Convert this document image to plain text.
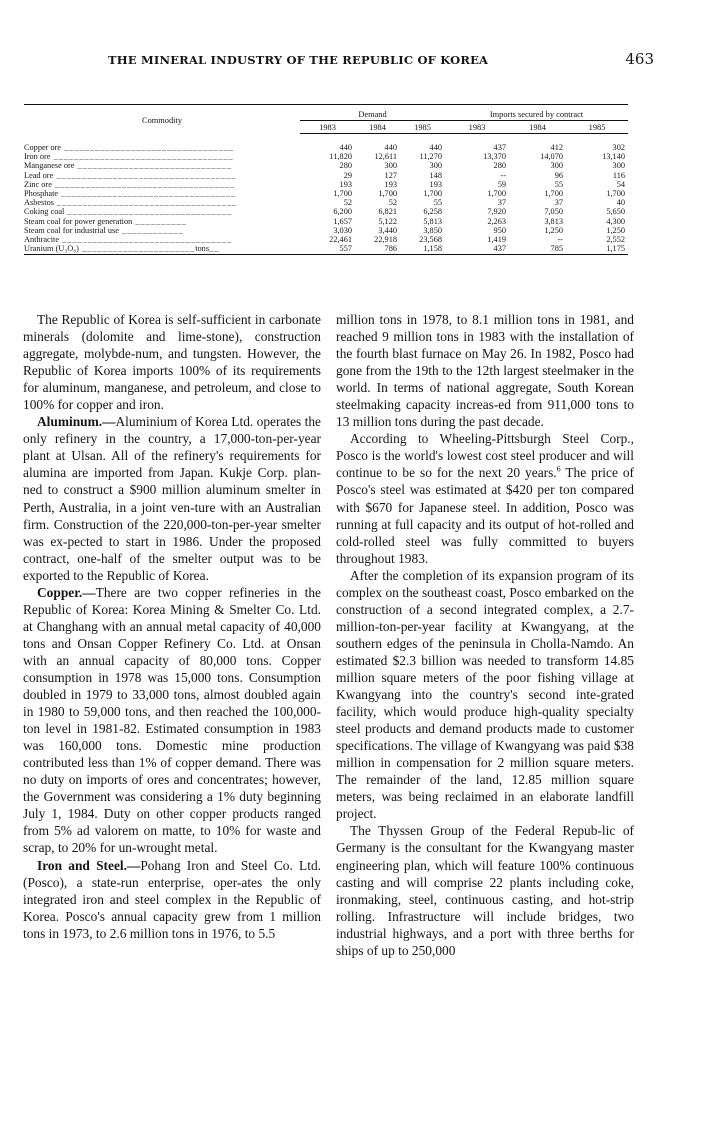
THE MINERAL INDUSTRY OF THE REPUBLIC OF KOREA	463
Commodity	Demand			Imports secured by contract		
	1983	1984	1985	1983	1984	1985
Copper ore _________________________________	440	440	440	437	412	302
Iron ore ___________________________________	11,820	12,611	11,270	13,370	14,070	13,140
Manganese ore ______________________________	280	300	300	280	300	300
Lead ore ___________________________________	29	127	148	--	96	116
Zinc ore ___________________________________	193	193	193	59	55	54
Phosphate __________________________________	1,700	1,700	1,700	1,700	1,700	1,700
Asbestos ___________________________________	52	52	55	37	37	40
Coking coal ________________________________	6,200	6,821	6,258	7,920	7,050	5,650
Steam coal for power generation __________	1,657	5,122	5,813	2,263	3,813	4,300
Steam coal for industrial use ____________	3,030	3,440	3,850	950	1,250	1,250
Anthracite _________________________________	22,461	22,918	23,568	1,419	--	2,552
Uranium (U₃O₈) ______________________tons__	557	786	1,158	437	785	1,175

The Republic of Korea is self-sufficient in carbonate minerals (dolomite and lime-stone), construction aggregate, molybde-num, and tungsten. However, the Republic of Korea imports 100% of its requirements for aluminum, manganese, and petroleum, and close to 100% for copper and iron.

Aluminum.—Aluminium of Korea Ltd. operates the only refinery in the country, a 17,000-ton-per-year plant at Ulsan. All of the refinery's requirements for alumina are imported from Japan. Kukje Corp. plan-ned to construct a $900 million aluminum smelter in Perth, Australia, in a joint ven-ture with an Australian firm. Construction of the 220,000-ton-per-year smelter was ex-pected to start in 1986. Under the proposed contract, one-half of the smelter output was to be exported to the Republic of Korea.

Copper.—There are two copper refineries in the Republic of Korea: Korea Mining & Smelter Co. Ltd. at Changhang with an annual metal capacity of 40,000 tons and Onsan Copper Refinery Co. Ltd. at Onsan with an annual capacity of 80,000 tons. Copper consumption in 1978 was 15,000 tons. Consumption doubled in 1979 to 33,000 tons, almost doubled again in 1980 to 59,000 tons, and then reached the 100,000-ton level in 1981-82. Estimated consumption in 1983 was 160,000 tons. Domestic mine production contributed less than 1% of copper demand. There was no duty on imports of ores and concentrates; however, the Government was considering a 1% duty beginning July 1, 1984. Duty on other copper products ranged from 5% ad valorem on matte, to 10% for waste and scrap, to 20% for un-wrought metal.

Iron and Steel.—Pohang Iron and Steel Co. Ltd. (Posco), a state-run enterprise, oper-ates the only integrated iron and steel complex in the Republic of Korea. Posco's annual capacity grew from 1 million tons in 1973, to 2.6 million tons in 1976, to 5.5

million tons in 1978, to 8.1 million tons in 1981, and reached 9 million tons in 1983 with the installation of the fourth blast furnace on May 26. In 1982, Posco had gone from the 19th to the 12th largest steelmaker in the world. In terms of national aggregate, South Korean steelmaking capacity increas-ed from 911,000 tons to 13 million tons during the past decade.

According to Wheeling-Pittsburgh Steel Corp., Posco is the world's lowest cost steel producer and will continue to be so for the next 20 years.$^6$ The price of Posco's steel was estimated at $420 per ton compared with $670 for Japanese steel. In addition, Posco was running at full capacity and its output of hot-rolled and cold-rolled steel was fully committed to buyers throughout 1983.

After the completion of its expansion program of its complex on the southeast coast, Posco embarked on the construction of a second integrated complex, a 2.7-million-ton-per-year facility at Kwangyang, at the southern edges of the peninsula in Cholla-Namdo. An estimated $2.3 billion was needed to transform 14.85 million square meters of the poor fishing village at Kwangyang into the country's second inte-grated facility, which would produce high-quality specialty steel products and demand products made to customer specifications. The village of Kwangyang was paid $38 million in compensation for 2 million square meters. The remainder of the land, 12.85 million square meters, was being reclaimed in an elaborate landfill project.

The Thyssen Group of the Federal Repub-lic of Germany is the consultant for the Kwangyang master engineering plan, which will feature 100% continuous casting and will comprise 22 plants including coke, ironmaking, steel, continuous casting, and hot-strip rolling. Infrastructure will include bridges, two industrial highways, and a port with three berths for ships of up to 250,000
